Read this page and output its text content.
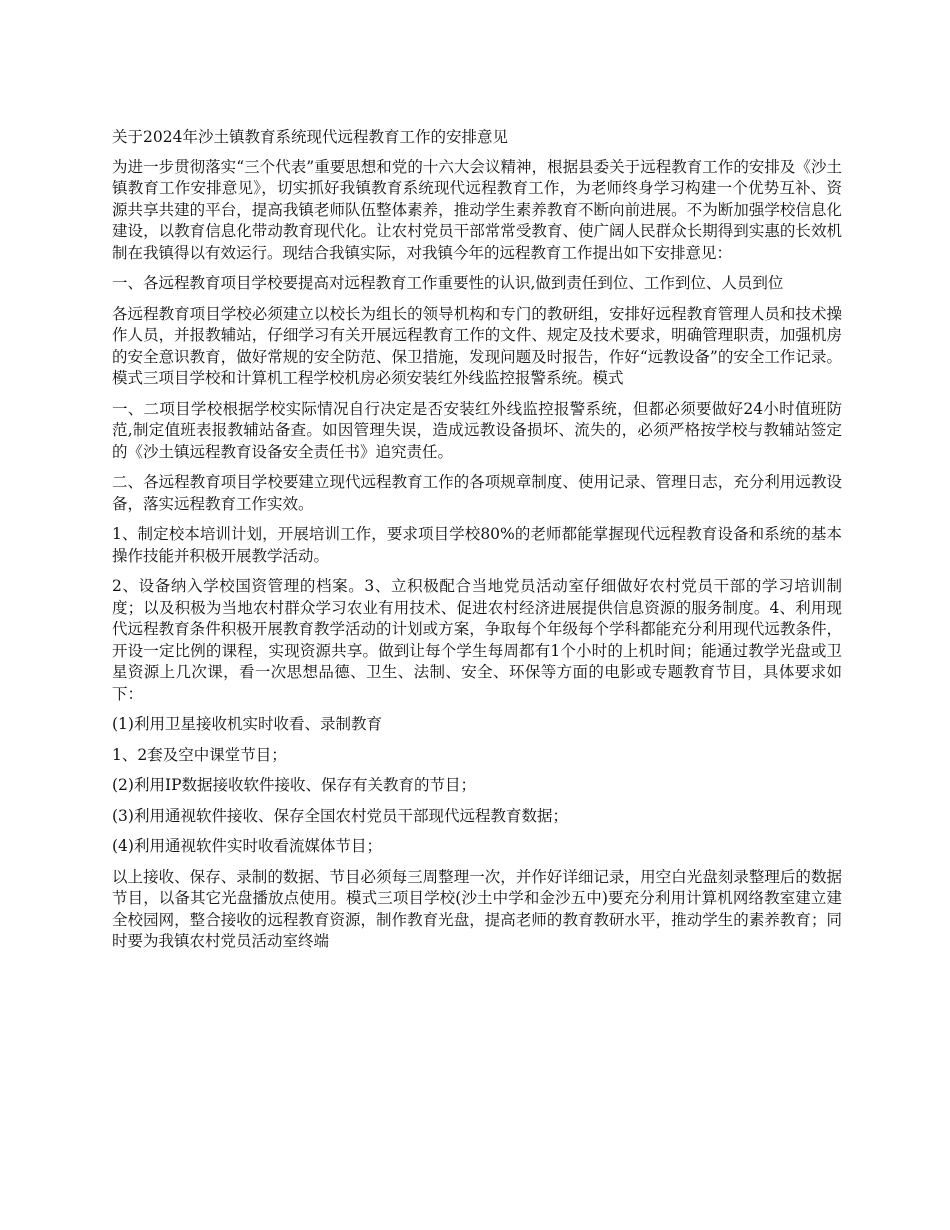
关于2024年沙土镇教育系统现代远程教育工作的安排意见

为进一步贯彻落实“三个代表”重要思想和党的十六大会议精神，根据县委关于远程教育工作的安排及《沙土镇教育工作安排意见》，切实抓好我镇教育系统现代远程教育工作，为老师终身学习构建一个优势互补、资源共享共建的平台，提高我镇老师队伍整体素养，推动学生素养教育不断向前进展。不为断加强学校信息化建设，以教育信息化带动教育现代化。让农村党员干部常常受教育、使广阔人民群众长期得到实惠的长效机制在我镇得以有效运行。现结合我镇实际，对我镇今年的远程教育工作提出如下安排意见：

一、各远程教育项目学校要提高对远程教育工作重要性的认识,做到责任到位、工作到位、人员到位

各远程教育项目学校必须建立以校长为组长的领导机构和专门的教研组，安排好远程教育管理人员和技术操作人员，并报教辅站，仔细学习有关开展远程教育工作的文件、规定及技术要求，明确管理职责，加强机房的安全意识教育，做好常规的安全防范、保卫措施，发现问题及时报告，作好“远教设备”的安全工作记录。模式三项目学校和计算机工程学校机房必须安装红外线监控报警系统。模式

一、二项目学校根据学校实际情况自行决定是否安装红外线监控报警系统，但都必须要做好24小时值班防范,制定值班表报教辅站备查。如因管理失误，造成远教设备损坏、流失的，必须严格按学校与教辅站签定的《沙土镇远程教育设备安全责任书》追究责任。

二、各远程教育项目学校要建立现代远程教育工作的各项规章制度、使用记录、管理日志，充分利用远教设备，落实远程教育工作实效。

1、制定校本培训计划，开展培训工作，要求项目学校80%的老师都能掌握现代远程教育设备和系统的基本操作技能并积极开展教学活动。

2、设备纳入学校国资管理的档案。3、立积极配合当地党员活动室仔细做好农村党员干部的学习培训制度；以及积极为当地农村群众学习农业有用技术、促进农村经济进展提供信息资源的服务制度。4、利用现代远程教育条件积极开展教育教学活动的计划或方案，争取每个年级每个学科都能充分利用现代远教条件，开设一定比例的课程，实现资源共享。做到让每个学生每周都有1个小时的上机时间；能通过教学光盘或卫星资源上几次课，看一次思想品德、卫生、法制、安全、环保等方面的电影或专题教育节目，具体要求如下：

(1)利用卫星接收机实时收看、录制教育

1、2套及空中课堂节目；

(2)利用IP数据接收软件接收、保存有关教育的节目；

(3)利用通视软件接收、保存全国农村党员干部现代远程教育数据；

(4)利用通视软件实时收看流媒体节目；

以上接收、保存、录制的数据、节目必须每三周整理一次，并作好详细记录，用空白光盘刻录整理后的数据节目，以备其它光盘播放点使用。模式三项目学校(沙土中学和金沙五中)要充分利用计算机网络教室建立建全校园网，整合接收的远程教育资源，制作教育光盘，提高老师的教育教研水平，推动学生的素养教育；同时要为我镇农村党员活动室终端
